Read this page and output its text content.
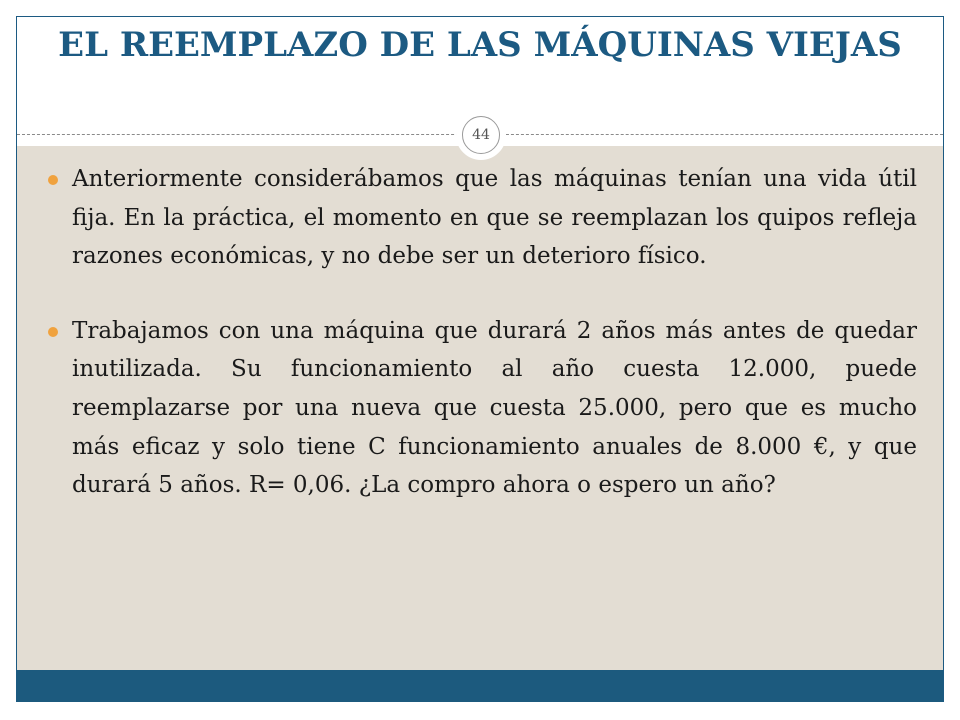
EL REEMPLAZO DE LAS MÁQUINAS VIEJAS
44
Anteriormente considerábamos que las máquinas tenían una vida útil fija. En la práctica, el momento en que se reemplazan los quipos refleja razones económicas, y no debe ser un deterioro físico.
Trabajamos con una máquina que durará 2 años más antes de quedar inutilizada. Su funcionamiento al año cuesta 12.000, puede reemplazarse por una nueva que cuesta 25.000, pero que es mucho más eficaz y solo tiene C funcionamiento anuales de 8.000 €, y que durará 5 años. R= 0,06. ¿La compro ahora o espero un año?
